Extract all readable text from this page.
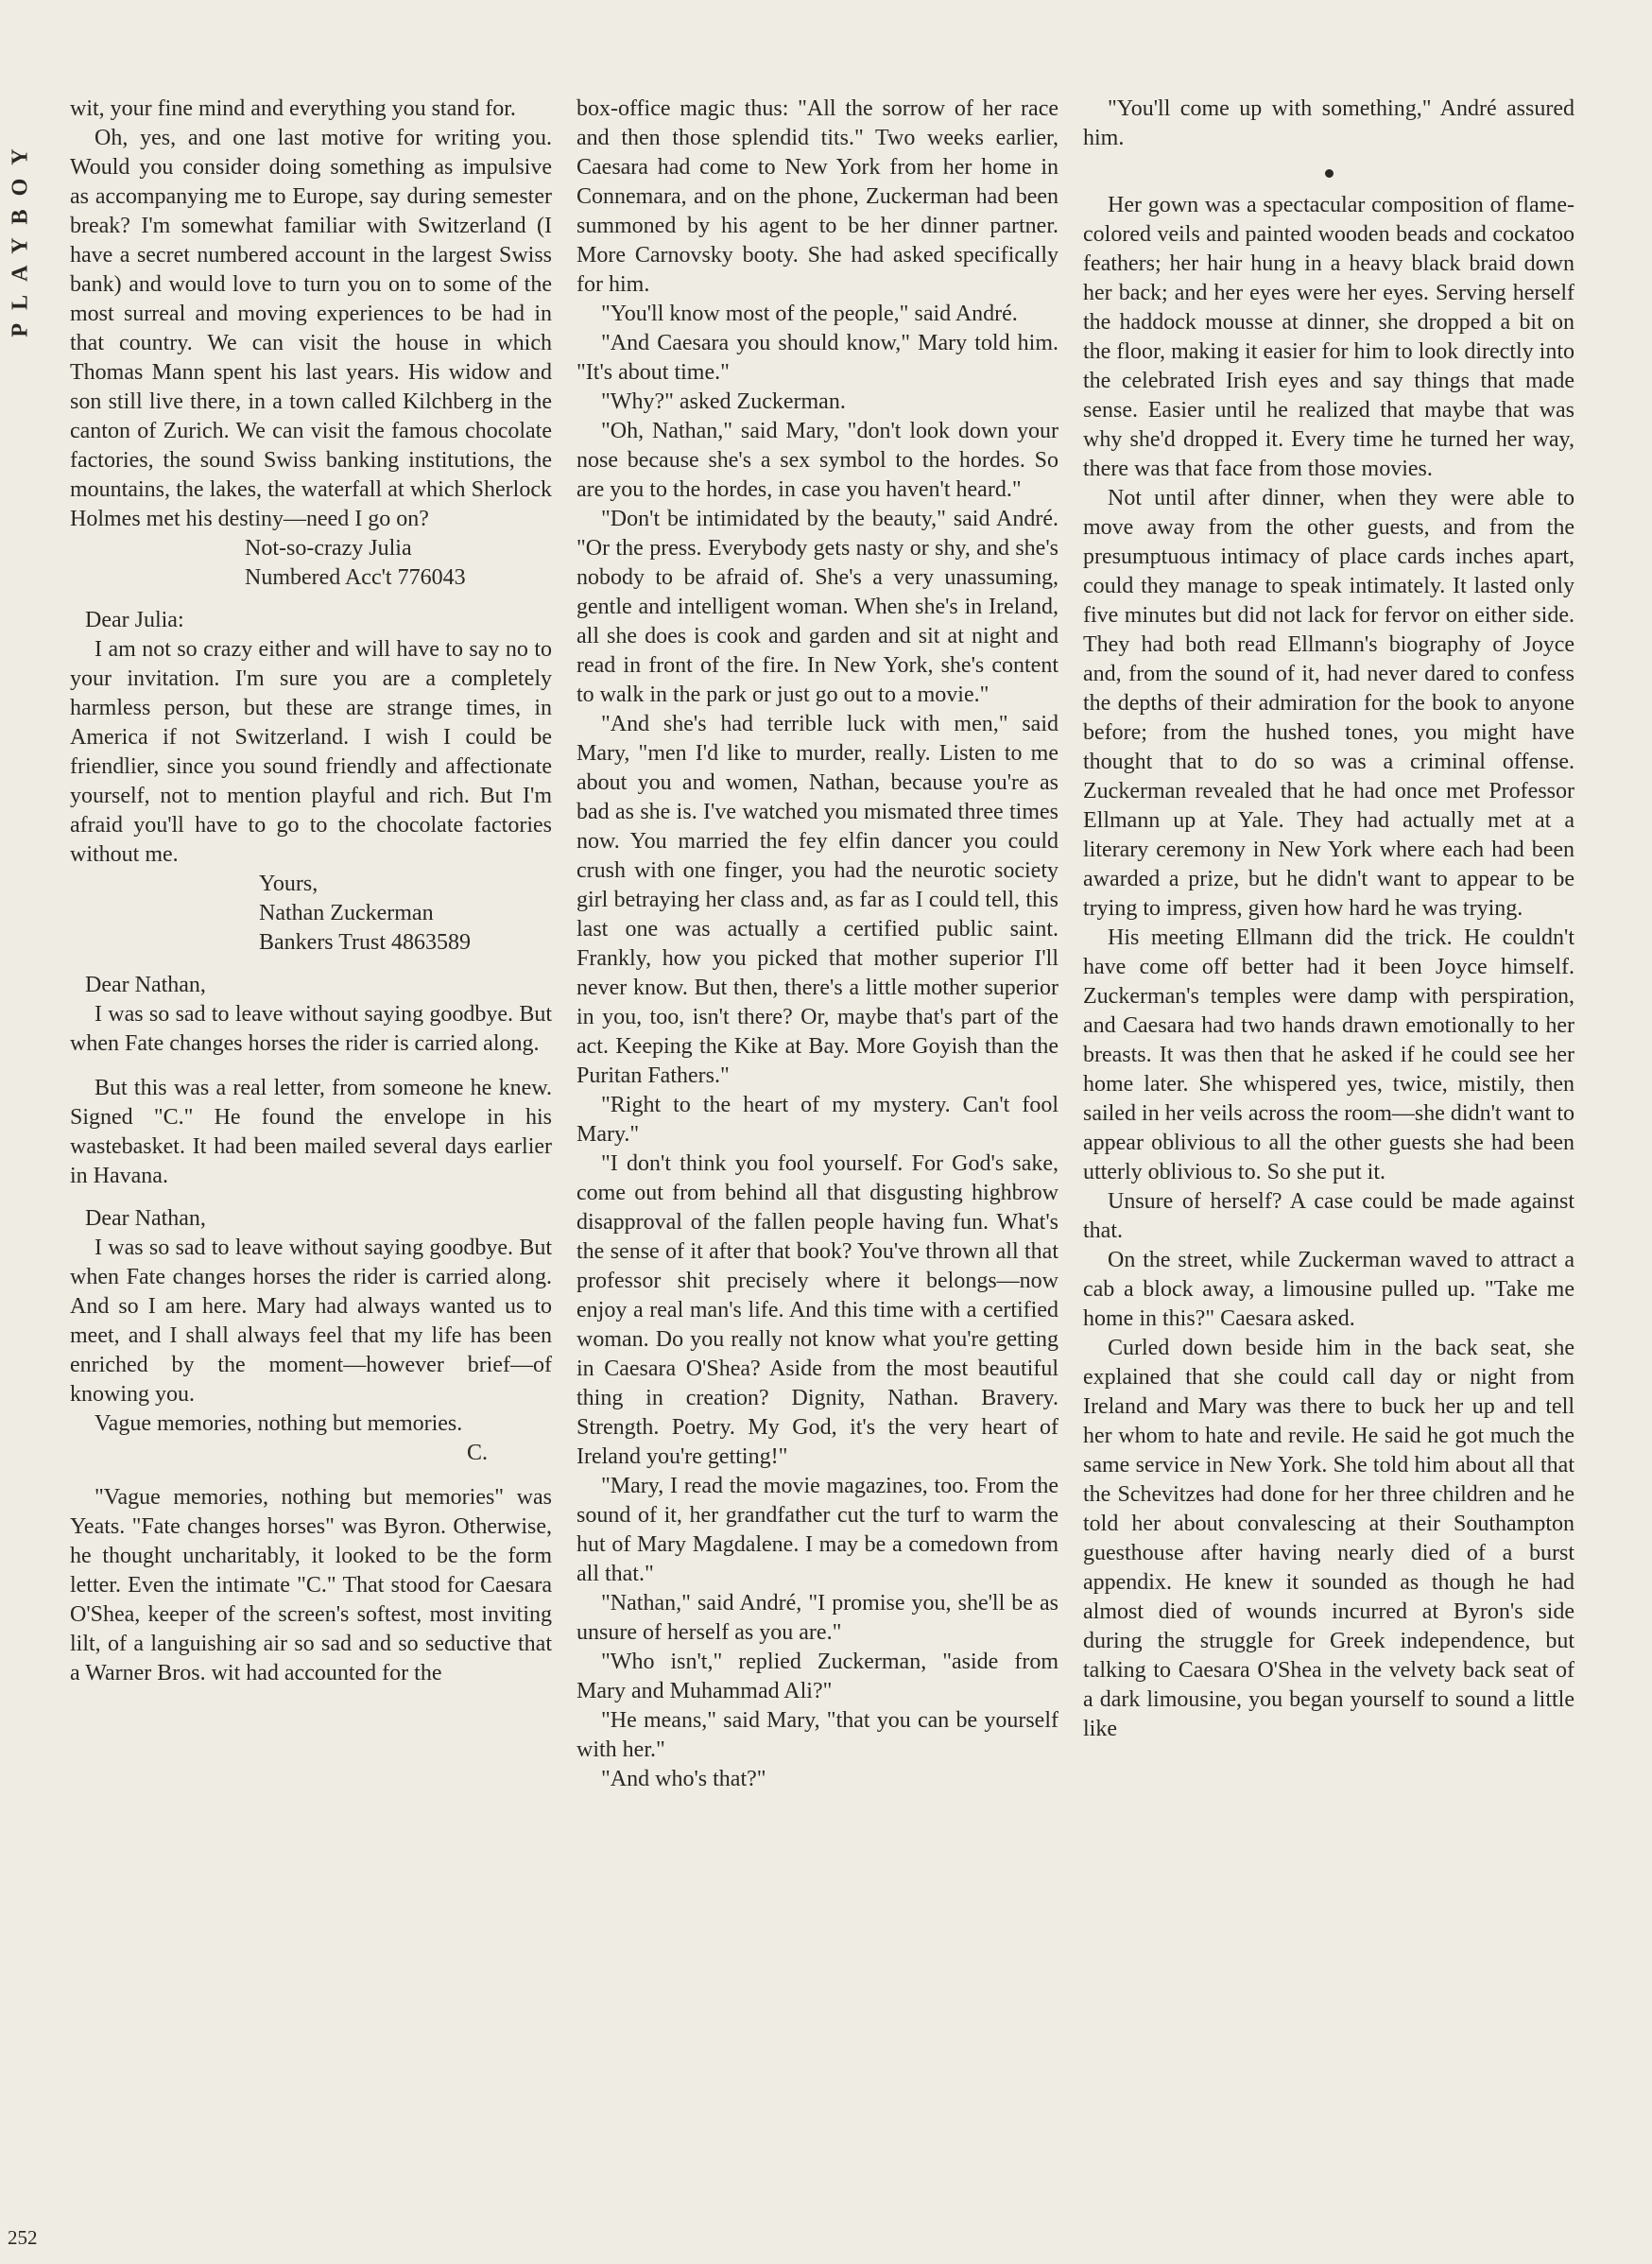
PLAYBOY

wit, your fine mind and everything you stand for.

Oh, yes, and one last motive for writing you. Would you consider doing something as impulsive as accompanying me to Europe, say during semester break? I'm somewhat familiar with Switzerland (I have a secret numbered account in the largest Swiss bank) and would love to turn you on to some of the most surreal and moving experiences to be had in that country. We can visit the house in which Thomas Mann spent his last years. His widow and son still live there, in a town called Kilchberg in the canton of Zurich. We can visit the famous chocolate factories, the sound Swiss banking institutions, the mountains, the lakes, the waterfall at which Sherlock Holmes met his destiny—need I go on?

Not-so-crazy Julia

Numbered Acc't 776043

Dear Julia:

I am not so crazy either and will have to say no to your invitation. I'm sure you are a completely harmless person, but these are strange times, in America if not Switzerland. I wish I could be friendlier, since you sound friendly and affectionate yourself, not to mention playful and rich. But I'm afraid you'll have to go to the chocolate factories without me.

Yours,

Nathan Zuckerman

Bankers Trust 4863589

Dear Nathan,

I was so sad to leave without saying goodbye. But when Fate changes horses the rider is carried along.

But this was a real letter, from someone he knew. Signed "C." He found the envelope in his wastebasket. It had been mailed several days earlier in Havana.

Dear Nathan,

I was so sad to leave without saying goodbye. But when Fate changes horses the rider is carried along. And so I am here. Mary had always wanted us to meet, and I shall always feel that my life has been enriched by the moment—however brief—of knowing you.

Vague memories, nothing but memories.

C.

"Vague memories, nothing but memories" was Yeats. "Fate changes horses" was Byron. Otherwise, he thought uncharitably, it looked to be the form letter. Even the intimate "C." That stood for Caesara O'Shea, keeper of the screen's softest, most inviting lilt, of a languishing air so sad and so seductive that a Warner Bros. wit had accounted for the

box-office magic thus: "All the sorrow of her race and then those splendid tits." Two weeks earlier, Caesara had come to New York from her home in Connemara, and on the phone, Zuckerman had been summoned by his agent to be her dinner partner. More Carnovsky booty. She had asked specifically for him.

"You'll know most of the people," said André.

"And Caesara you should know," Mary told him. "It's about time."

"Why?" asked Zuckerman.

"Oh, Nathan," said Mary, "don't look down your nose because she's a sex symbol to the hordes. So are you to the hordes, in case you haven't heard."

"Don't be intimidated by the beauty," said André. "Or the press. Everybody gets nasty or shy, and she's nobody to be afraid of. She's a very unassuming, gentle and intelligent woman. When she's in Ireland, all she does is cook and garden and sit at night and read in front of the fire. In New York, she's content to walk in the park or just go out to a movie."

"And she's had terrible luck with men," said Mary, "men I'd like to murder, really. Listen to me about you and women, Nathan, because you're as bad as she is. I've watched you mismated three times now. You married the fey elfin dancer you could crush with one finger, you had the neurotic society girl betraying her class and, as far as I could tell, this last one was actually a certified public saint. Frankly, how you picked that mother superior I'll never know. But then, there's a little mother superior in you, too, isn't there? Or, maybe that's part of the act. Keeping the Kike at Bay. More Goyish than the Puritan Fathers."

"Right to the heart of my mystery. Can't fool Mary."

"I don't think you fool yourself. For God's sake, come out from behind all that disgusting highbrow disapproval of the fallen people having fun. What's the sense of it after that book? You've thrown all that professor shit precisely where it belongs—now enjoy a real man's life. And this time with a certified woman. Do you really not know what you're getting in Caesara O'Shea? Aside from the most beautiful thing in creation? Dignity, Nathan. Bravery. Strength. Poetry. My God, it's the very heart of Ireland you're getting!"

"Mary, I read the movie magazines, too. From the sound of it, her grandfather cut the turf to warm the hut of Mary Magdalene. I may be a comedown from all that."

"Nathan," said André, "I promise you, she'll be as unsure of herself as you are."

"Who isn't," replied Zuckerman, "aside from Mary and Muhammad Ali?"

"He means," said Mary, "that you can be yourself with her."

"And who's that?"

"You'll come up with something," André assured him.

Her gown was a spectacular composition of flame-colored veils and painted wooden beads and cockatoo feathers; her hair hung in a heavy black braid down her back; and her eyes were her eyes. Serving herself the haddock mousse at dinner, she dropped a bit on the floor, making it easier for him to look directly into the celebrated Irish eyes and say things that made sense. Easier until he realized that maybe that was why she'd dropped it. Every time he turned her way, there was that face from those movies.

Not until after dinner, when they were able to move away from the other guests, and from the presumptuous intimacy of place cards inches apart, could they manage to speak intimately. It lasted only five minutes but did not lack for fervor on either side. They had both read Ellmann's biography of Joyce and, from the sound of it, had never dared to confess the depths of their admiration for the book to anyone before; from the hushed tones, you might have thought that to do so was a criminal offense. Zuckerman revealed that he had once met Professor Ellmann up at Yale. They had actually met at a literary ceremony in New York where each had been awarded a prize, but he didn't want to appear to be trying to impress, given how hard he was trying.

His meeting Ellmann did the trick. He couldn't have come off better had it been Joyce himself. Zuckerman's temples were damp with perspiration, and Caesara had two hands drawn emotionally to her breasts. It was then that he asked if he could see her home later. She whispered yes, twice, mistily, then sailed in her veils across the room—she didn't want to appear oblivious to all the other guests she had been utterly oblivious to. So she put it.

Unsure of herself? A case could be made against that.

On the street, while Zuckerman waved to attract a cab a block away, a limousine pulled up. "Take me home in this?" Caesara asked.

Curled down beside him in the back seat, she explained that she could call day or night from Ireland and Mary was there to buck her up and tell her whom to hate and revile. He said he got much the same service in New York. She told him about all that the Schevitzes had done for her three children and he told her about convalescing at their Southampton guesthouse after having nearly died of a burst appendix. He knew it sounded as though he had almost died of wounds incurred at Byron's side during the struggle for Greek independence, but talking to Caesara O'Shea in the velvety back seat of a dark limousine, you began yourself to sound a little like

252
